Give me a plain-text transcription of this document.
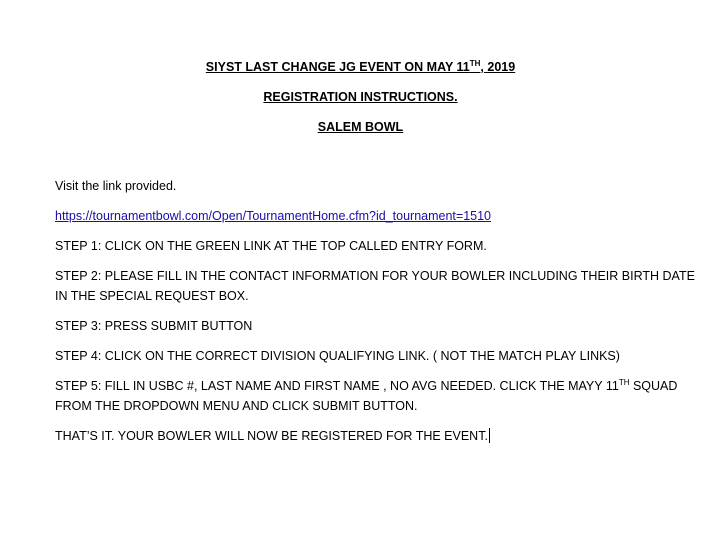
SIYST LAST CHANGE JG EVENT ON MAY 11TH, 2019
REGISTRATION INSTRUCTIONS.
SALEM BOWL
Visit the link provided.
https://tournamentbowl.com/Open/TournamentHome.cfm?id_tournament=1510
STEP 1: CLICK ON THE GREEN LINK AT THE TOP CALLED ENTRY FORM.
STEP 2: PLEASE FILL IN THE CONTACT INFORMATION FOR YOUR BOWLER INCLUDING THEIR BIRTH DATE
IN THE SPECIAL REQUEST BOX.
STEP 3: PRESS SUBMIT BUTTON
STEP 4: CLICK ON THE CORRECT DIVISION QUALIFYING LINK. ( NOT THE MATCH PLAY LINKS)
STEP 5: FILL IN USBC #, LAST NAME AND FIRST NAME , NO AVG NEEDED. CLICK THE MAYY 11TH SQUAD
FROM THE DROPDOWN MENU AND CLICK SUBMIT BUTTON.
THAT’S IT. YOUR BOWLER WILL NOW BE REGISTERED FOR THE EVENT.
